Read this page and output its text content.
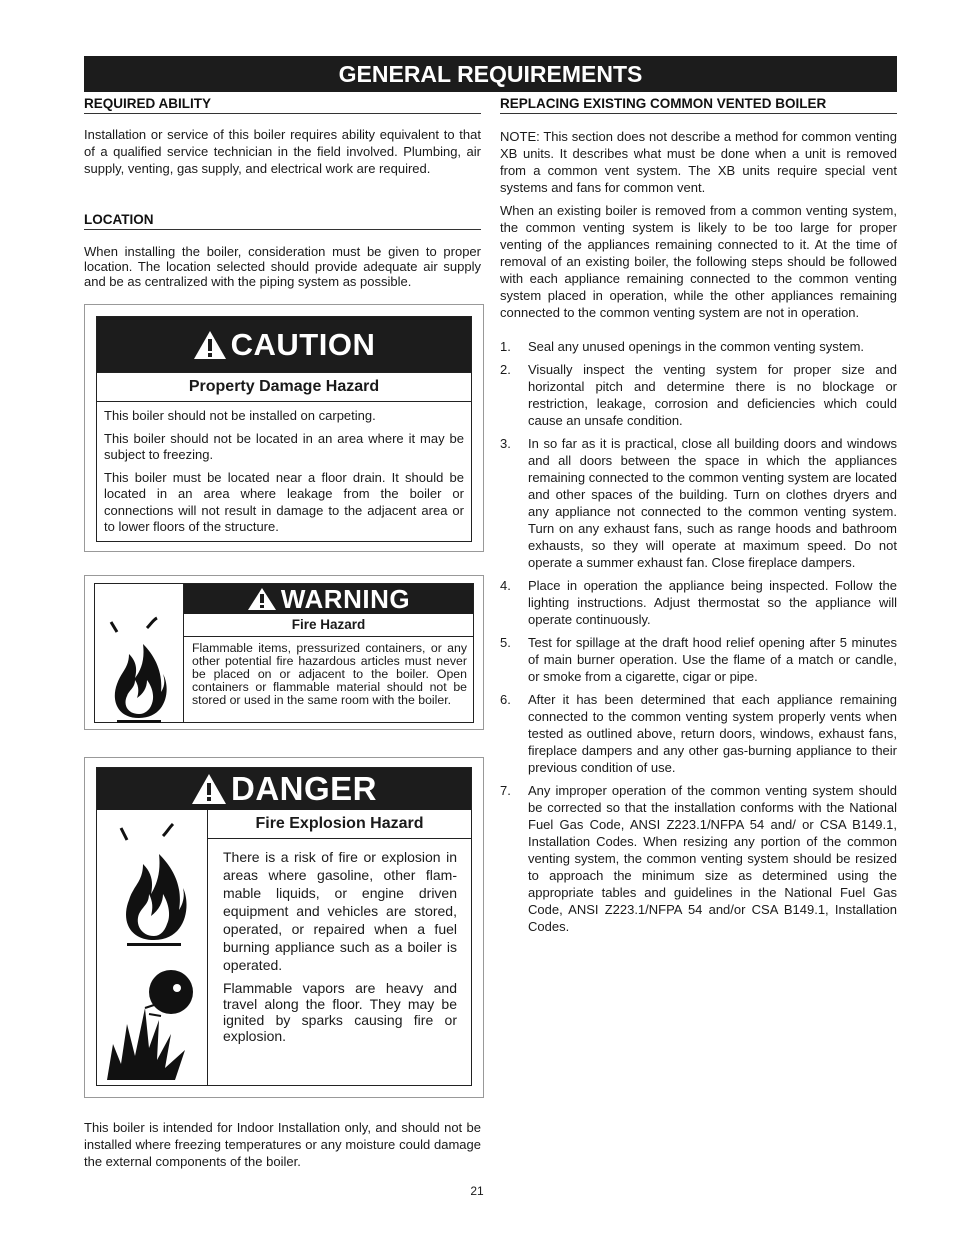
GENERAL REQUIREMENTS
REQUIRED ABILITY

Installation or service of this boiler requires ability equivalent to that of a qualified service technician in the field involved. Plumbing, air supply, venting, gas supply, and electrical work are required.

LOCATION

When installing the boiler, consideration must be given to proper location. The location selected should provide adequate air supply and be as centralized with the piping system as possible.

CAUTION
Property Damage Hazard

This boiler should not be installed on carpeting.

This boiler should not be located in an area where it may be subject to freezing.

This boiler must be located near a floor drain. It should be located in an area where leakage from the boiler or connections will not result in damage to the adjacent area or to lower floors of the structure.

WARNING
Fire Hazard

Flammable items, pressurized containers, or any other potential fire hazardous articles must never be placed on or adjacent to the boiler. Open containers or flammable material should not be stored or used in the same room with the boiler.

DANGER
Fire Explosion Hazard

There is a risk of fire or explosion in areas where gasoline, other flam-mable liquids, or engine driven equipment and vehicles are stored, operated, or repaired when a fuel burning appliance such as a boiler is operated.

Flammable vapors are heavy and travel along the floor. They may be ignited by sparks causing fire or explosion.

This boiler is intended for Indoor Installation only, and should not be installed where freezing temperatures or any moisture could damage the external components of the boiler.

REPLACING EXISTING COMMON VENTED BOILER

NOTE: This section does not describe a method for common venting XB units. It describes what must be done when a unit is removed from a common vent system. The XB units require special vent systems and fans for common vent.

When an existing boiler is removed from a common venting system, the common venting system is likely to be too large for proper venting of the appliances remaining connected to it. At the time of removal of an existing boiler, the following steps should be followed with each appliance remaining connected to the common venting system placed in operation, while the other appliances remaining connected to the common venting system are not in operation.

1. Seal any unused openings in the common venting system.
2. Visually inspect the venting system for proper size and horizontal pitch and determine there is no blockage or restriction, leakage, corrosion and deficiencies which could cause an unsafe condition.
3. In so far as it is practical, close all building doors and windows and all doors between the space in which the appliances remaining connected to the common venting system are located and other spaces of the building. Turn on clothes dryers and any appliance not connected to the common venting system. Turn on any exhaust fans, such as range hoods and bathroom exhausts, so they will operate at maximum speed. Do not operate a summer exhaust fan. Close fireplace dampers.
4. Place in operation the appliance being inspected. Follow the lighting instructions. Adjust thermostat so the appliance will operate continuously.
5. Test for spillage at the draft hood relief opening after 5 minutes of main burner operation. Use the flame of a match or candle, or smoke from a cigarette, cigar or pipe.
6. After it has been determined that each appliance remaining connected to the common venting system properly vents when tested as outlined above, return doors, windows, exhaust fans, fireplace dampers and any other gas-burning appliance to their previous condition of use.
7. Any improper operation of the common venting system should be corrected so that the installation conforms with the National Fuel Gas Code, ANSI Z223.1/NFPA 54 and/ or CSA B149.1, Installation Codes. When resizing any portion of the common venting system, the common venting system should be resized to approach the minimum size as determined using the appropriate tables and guidelines in the National Fuel Gas Code, ANSI Z223.1/NFPA 54 and/or CSA B149.1, Installation Codes.
21
